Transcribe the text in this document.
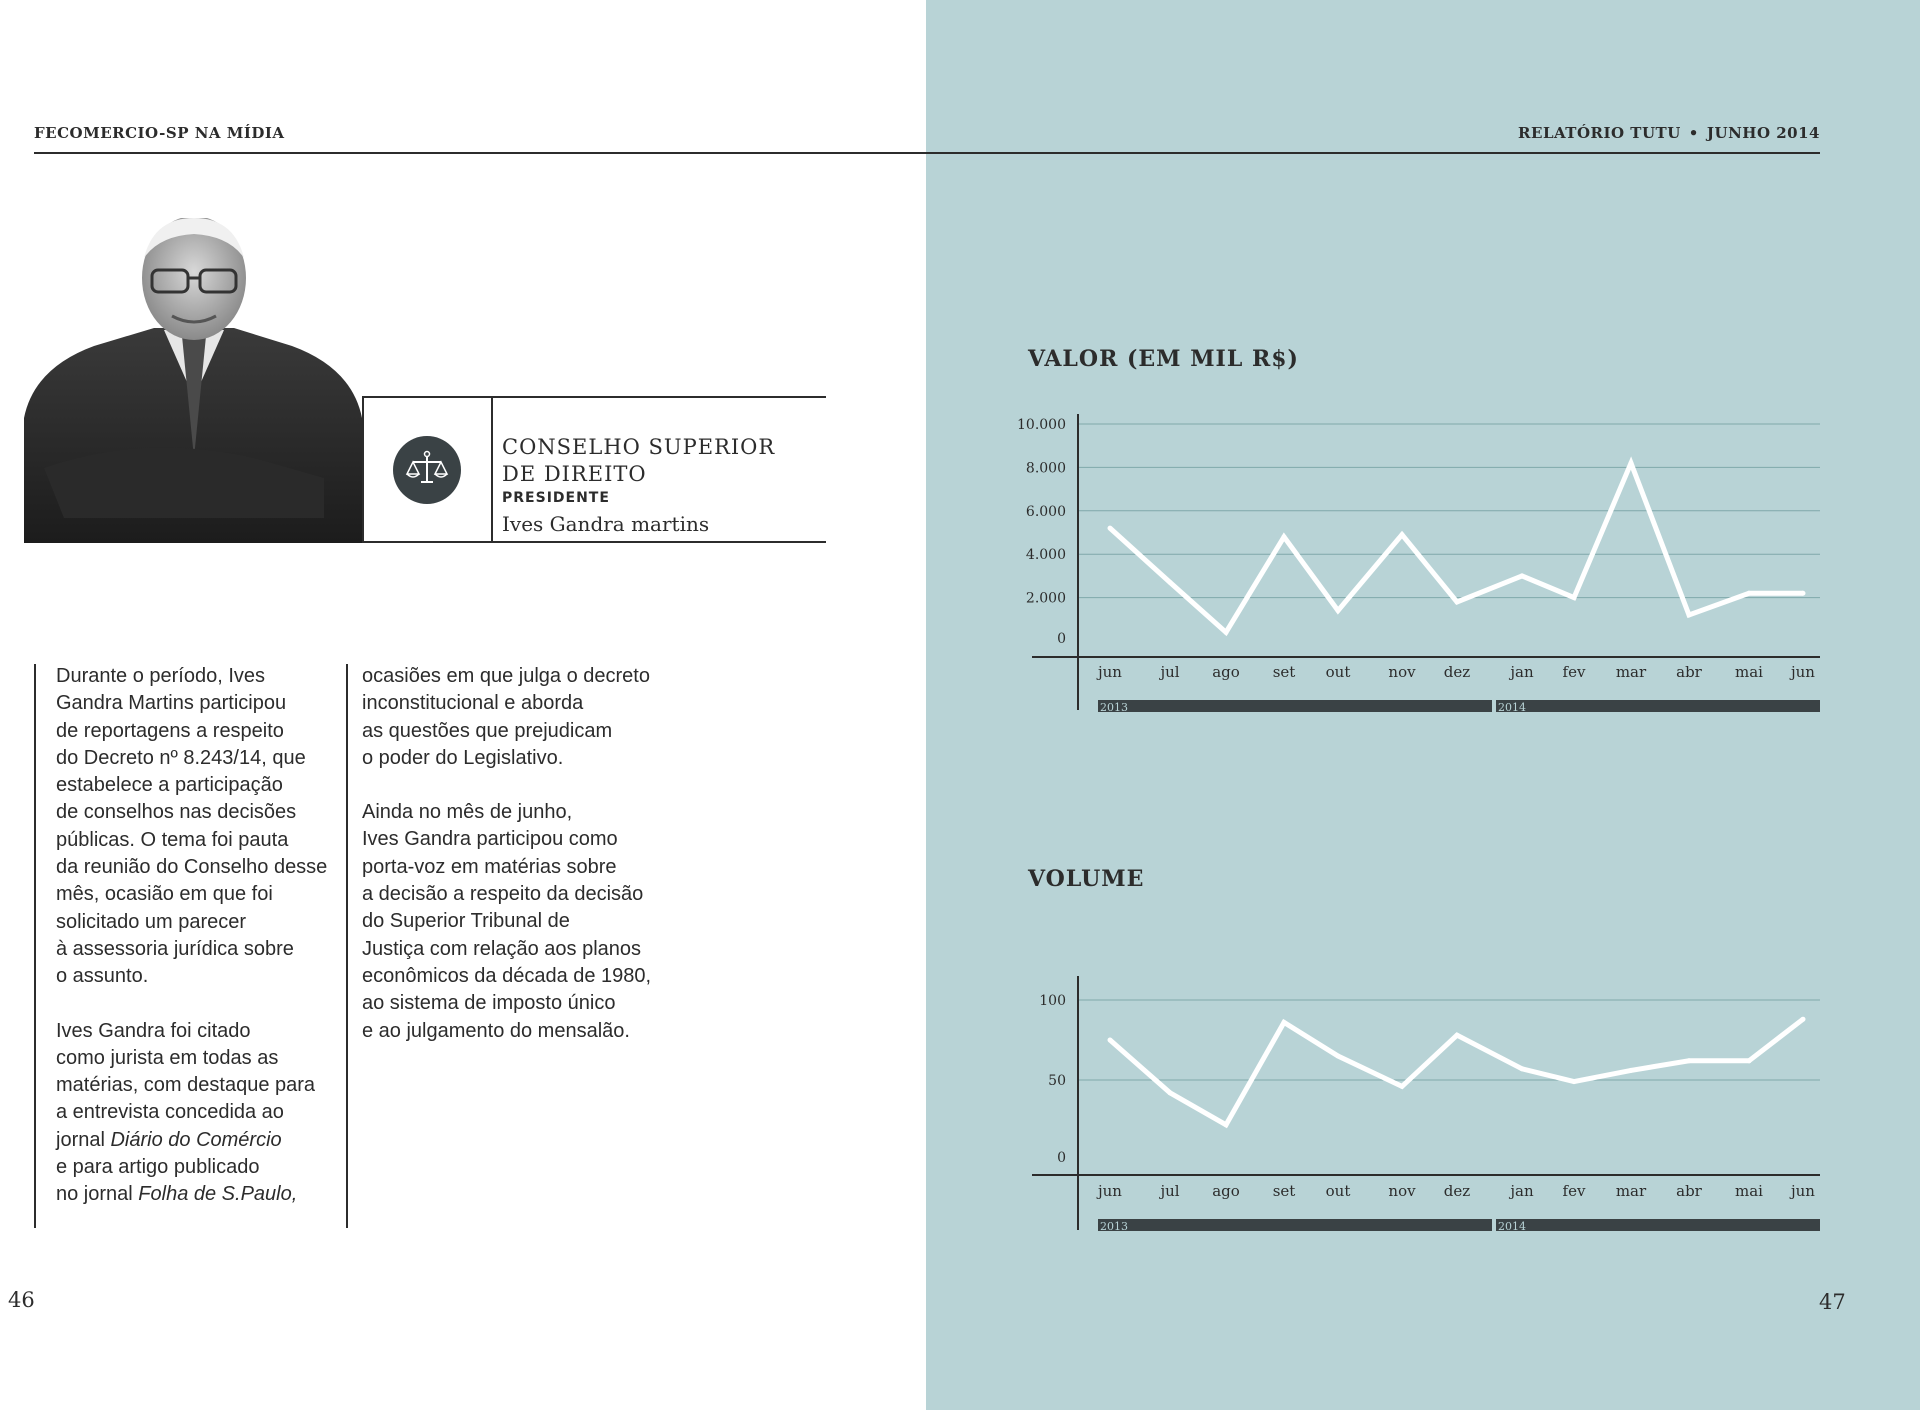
FECOMERCIO-SP NA MÍDIA	RELATÓRIO TUTU • JUNHO 2014
CONSELHO SUPERIOR
DE DIREITO
PRESIDENTE
Ives Gandra martins

Durante o período, Ives
Gandra Martins participou
de reportagens a respeito
do Decreto nº 8.243/14, que
estabelece a participação
de conselhos nas decisões
públicas. O tema foi pauta
da reunião do Conselho desse
mês, ocasião em que foi
solicitado um parecer
à assessoria jurídica sobre
o assunto.

Ives Gandra foi citado
como jurista em todas as
matérias, com destaque para
a entrevista concedida ao
jornal Diário do Comércio
e para artigo publicado
no jornal Folha de S.Paulo,

ocasiões em que julga o decreto
inconstitucional e aborda
as questões que prejudicam
o poder do Legislativo.

Ainda no mês de junho,
Ives Gandra participou como
porta-voz em matérias sobre
a decisão a respeito da decisão
do Superior Tribunal de
Justiça com relação aos planos
econômicos da década de 1980,
ao sistema de imposto único
e ao julgamento do mensalão.

46	47
VALOR (EM MIL R$)
VOLUME
10.000
8.000
6.000
4.000
2.000
0
jun	jul ago set out	nov dez	jan fev mar abr mai jun
2013	2014
100
50
0
jun	jul ago set out	nov dez	jan fev mar abr mai jun
2013	2014
